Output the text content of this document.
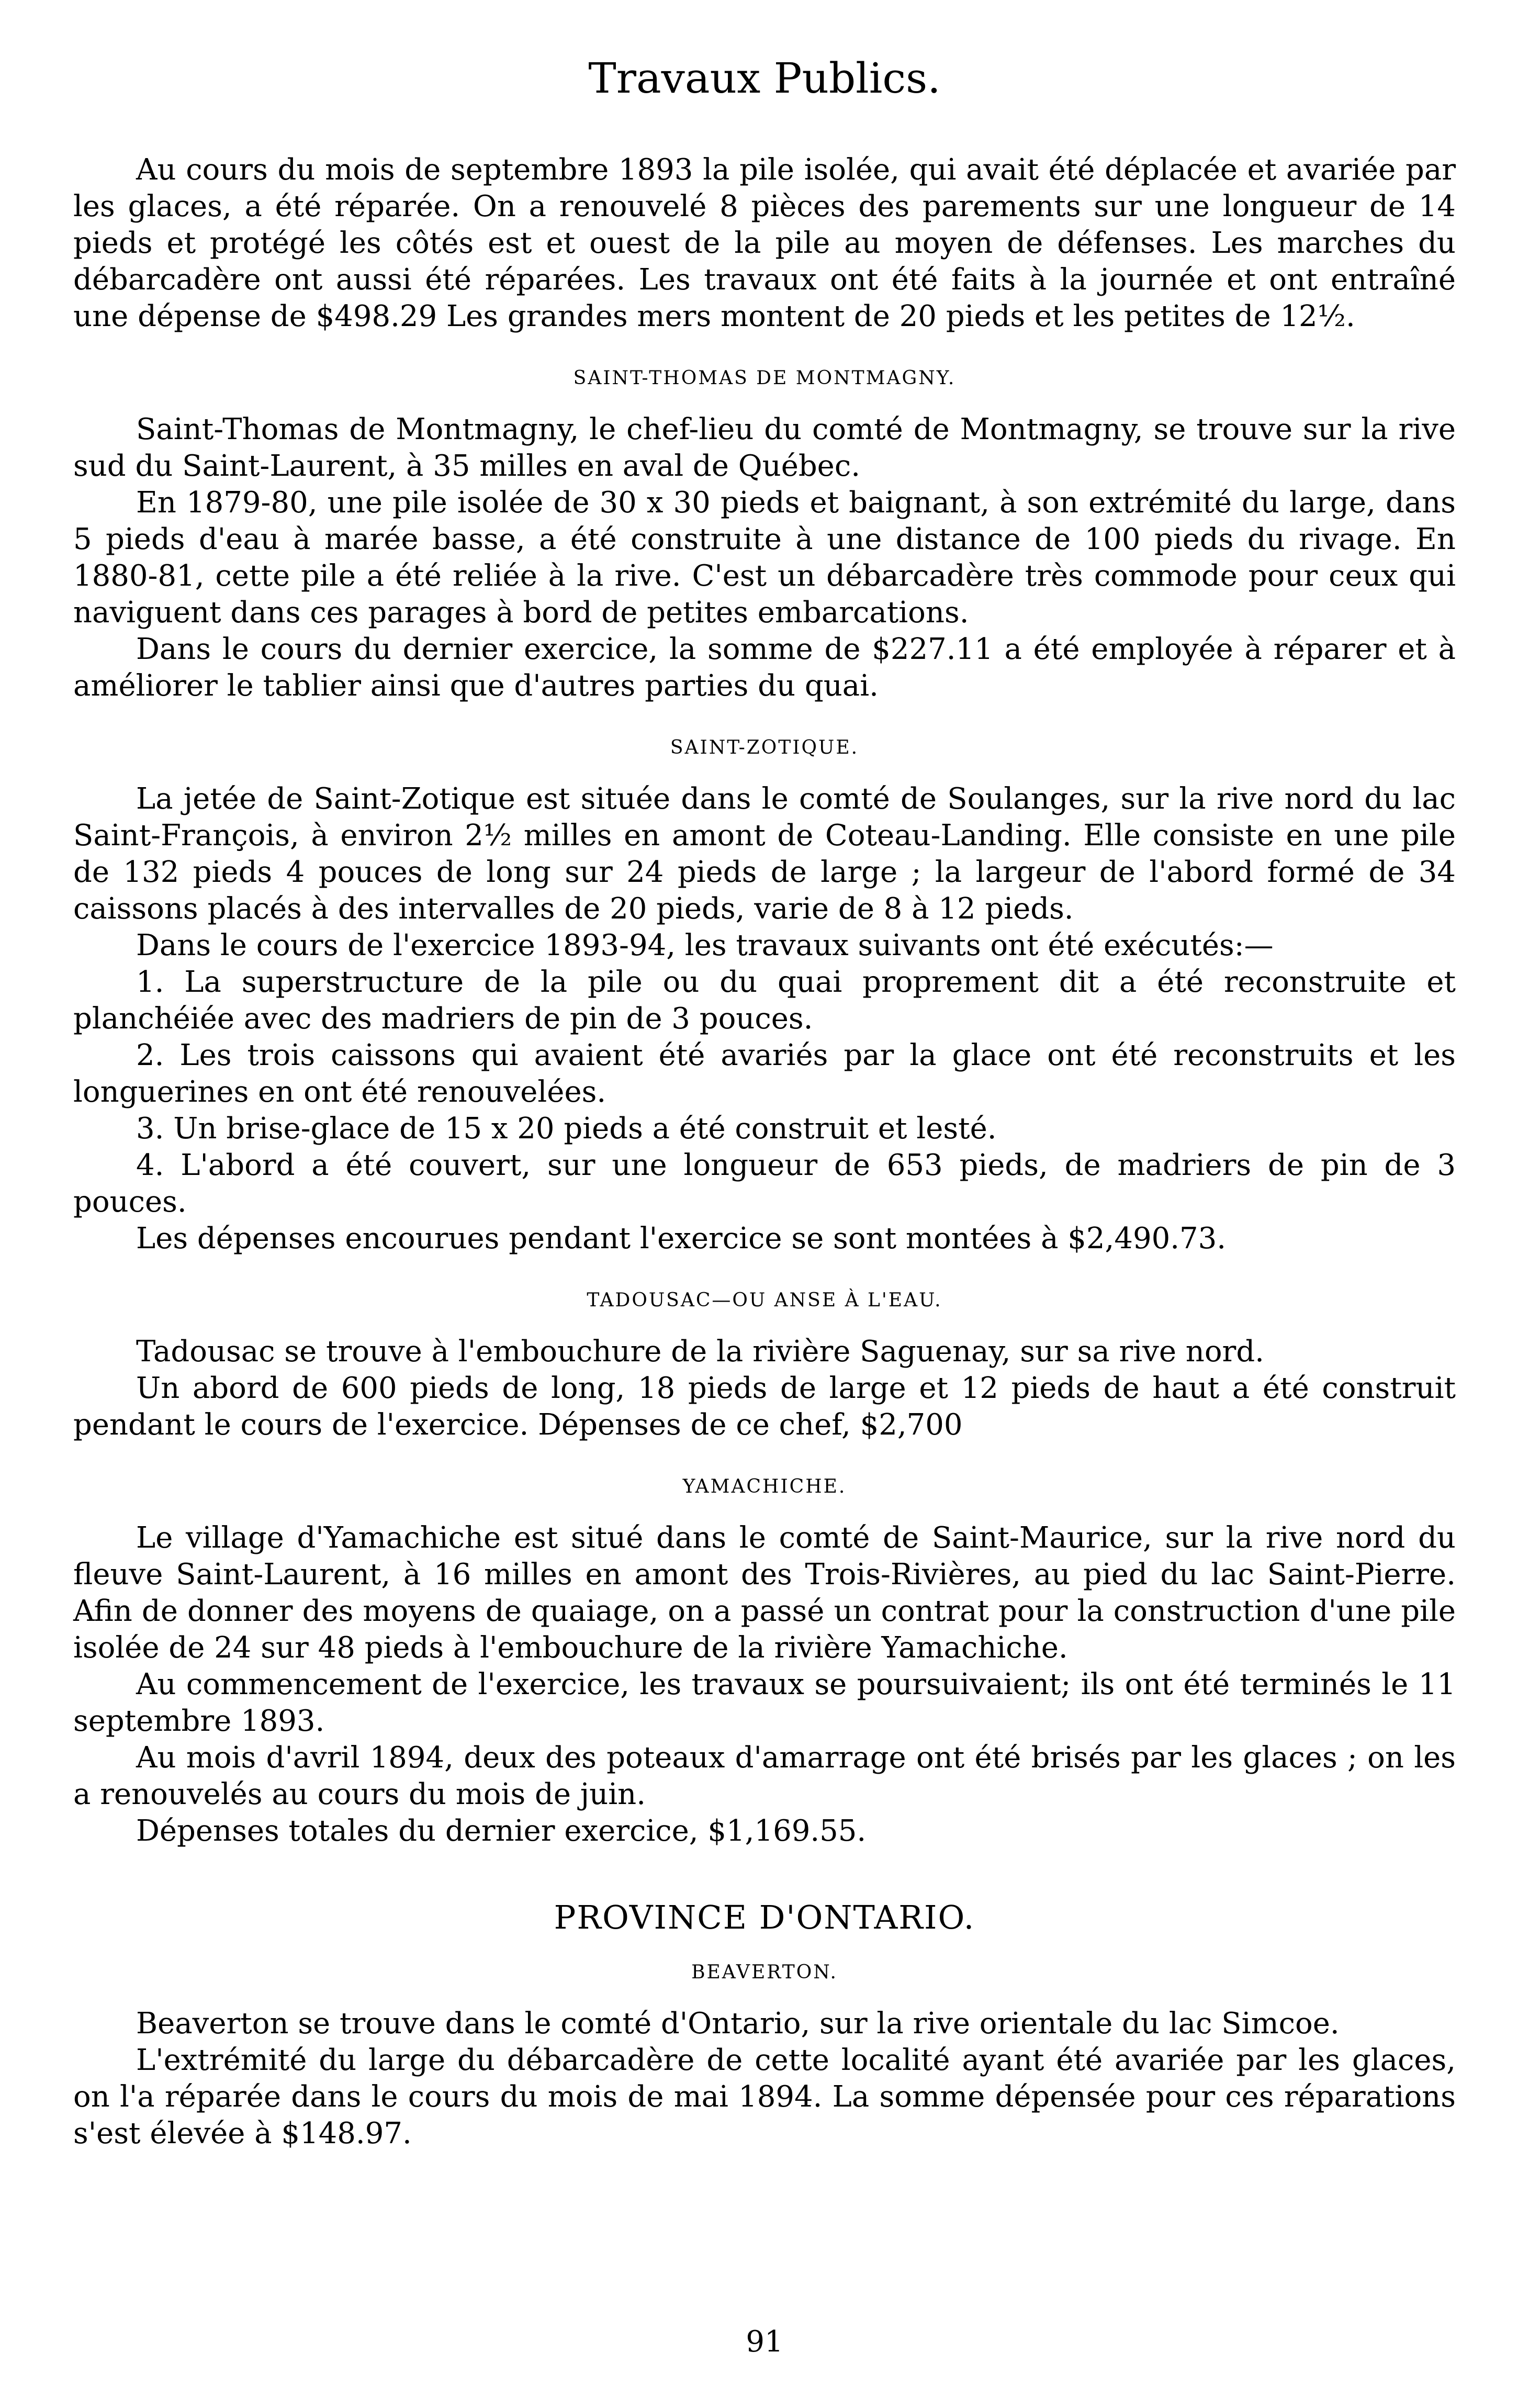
Travaux Publics.

Au cours du mois de septembre 1893 la pile isolée, qui avait été déplacée et avariée par les glaces, a été réparée. On a renouvelé 8 pièces des parements sur une longueur de 14 pieds et protégé les côtés est et ouest de la pile au moyen de défenses. Les marches du débarcadère ont aussi été réparées. Les travaux ont été faits à la journée et ont entraîné une dépense de $498.29 Les grandes mers montent de 20 pieds et les petites de 12½.

SAINT-THOMAS DE MONTMAGNY.

Saint-Thomas de Montmagny, le chef-lieu du comté de Montmagny, se trouve sur la rive sud du Saint-Laurent, à 35 milles en aval de Québec.

En 1879-80, une pile isolée de 30 x 30 pieds et baignant, à son extrémité du large, dans 5 pieds d'eau à marée basse, a été construite à une distance de 100 pieds du rivage. En 1880-81, cette pile a été reliée à la rive. C'est un débarcadère très commode pour ceux qui naviguent dans ces parages à bord de petites embarcations.

Dans le cours du dernier exercice, la somme de $227.11 a été employée à réparer et à améliorer le tablier ainsi que d'autres parties du quai.

SAINT-ZOTIQUE.

La jetée de Saint-Zotique est située dans le comté de Soulanges, sur la rive nord du lac Saint-François, à environ 2½ milles en amont de Coteau-Landing. Elle consiste en une pile de 132 pieds 4 pouces de long sur 24 pieds de large ; la largeur de l'abord formé de 34 caissons placés à des intervalles de 20 pieds, varie de 8 à 12 pieds.

Dans le cours de l'exercice 1893-94, les travaux suivants ont été exécutés:—

1. La superstructure de la pile ou du quai proprement dit a été reconstruite et planchéiée avec des madriers de pin de 3 pouces.

2. Les trois caissons qui avaient été avariés par la glace ont été reconstruits et les longuerines en ont été renouvelées.

3. Un brise-glace de 15 x 20 pieds a été construit et lesté.

4. L'abord a été couvert, sur une longueur de 653 pieds, de madriers de pin de 3 pouces.

Les dépenses encourues pendant l'exercice se sont montées à $2,490.73.

TADOUSAC—OU ANSE À L'EAU.

Tadousac se trouve à l'embouchure de la rivière Saguenay, sur sa rive nord.

Un abord de 600 pieds de long, 18 pieds de large et 12 pieds de haut a été construit pendant le cours de l'exercice. Dépenses de ce chef, $2,700

YAMACHICHE.

Le village d'Yamachiche est situé dans le comté de Saint-Maurice, sur la rive nord du fleuve Saint-Laurent, à 16 milles en amont des Trois-Rivières, au pied du lac Saint-Pierre. Afin de donner des moyens de quaiage, on a passé un contrat pour la construction d'une pile isolée de 24 sur 48 pieds à l'embouchure de la rivière Yamachiche.

Au commencement de l'exercice, les travaux se poursuivaient; ils ont été terminés le 11 septembre 1893.

Au mois d'avril 1894, deux des poteaux d'amarrage ont été brisés par les glaces ; on les a renouvelés au cours du mois de juin.

Dépenses totales du dernier exercice, $1,169.55.

PROVINCE D'ONTARIO.
BEAVERTON.

Beaverton se trouve dans le comté d'Ontario, sur la rive orientale du lac Simcoe.

L'extrémité du large du débarcadère de cette localité ayant été avariée par les glaces, on l'a réparée dans le cours du mois de mai 1894. La somme dépensée pour ces réparations s'est élevée à $148.97.

91
